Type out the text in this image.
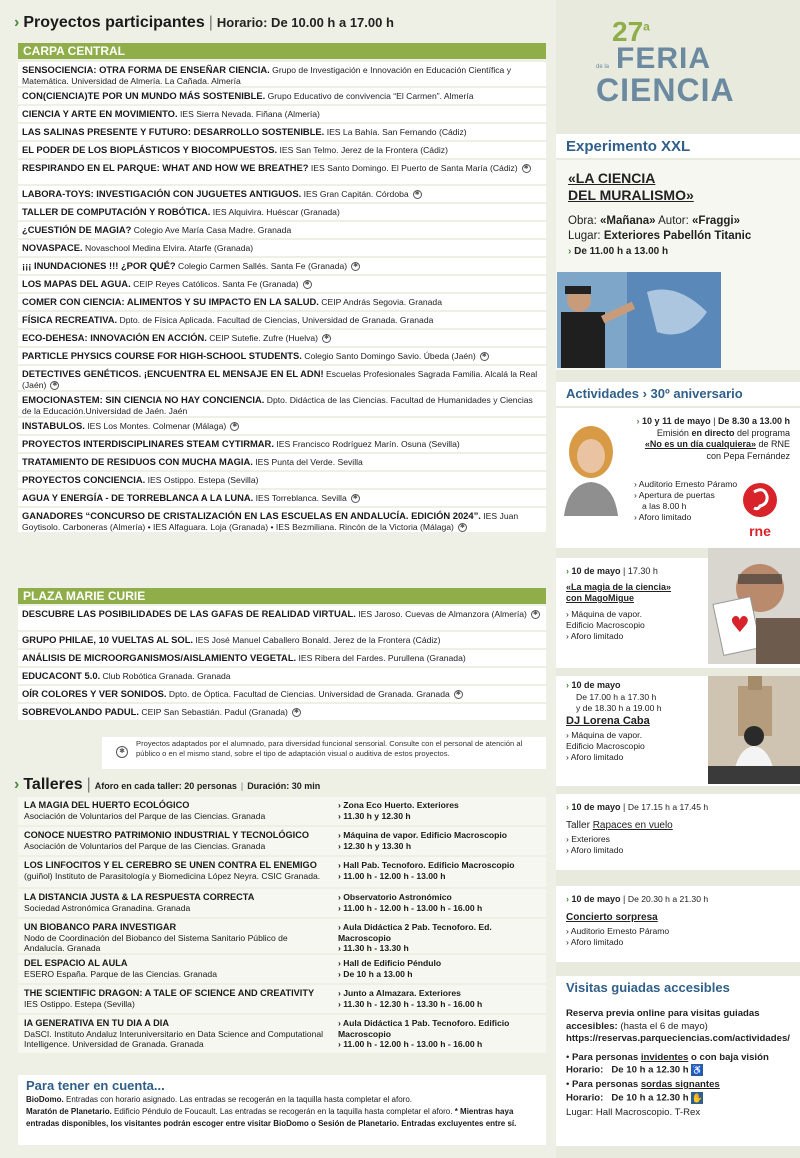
› Proyectos participantes | Horario: De 10.00 h a 17.00 h
CARPA CENTRAL
SENSOCIENCIA: OTRA FORMA DE ENSEÑAR CIENCIA. Grupo de Investigación e Innovación en Educación Científica y Matemática. Universidad de Almería. La Cañada. Almería
CON(CIENCIA)TE POR UN MUNDO MÁS SOSTENIBLE. Grupo Educativo de convivencia “El Carmen”. Almería
CIENCIA Y ARTE EN MOVIMIENTO. IES Sierra Nevada. Fiñana (Almería)
LAS SALINAS PRESENTE Y FUTURO: DESARROLLO SOSTENIBLE. IES La Bahía. San Fernando (Cádiz)
EL PODER DE LOS BIOPLÁSTICOS Y BIOCOMPUESTOS. IES San Telmo. Jerez de la Frontera (Cádiz)
RESPIRANDO EN EL PARQUE: WHAT AND HOW WE BREATHE? IES Santo Domingo. El Puerto de Santa María (Cádiz) ✱
LABORA-TOYS: INVESTIGACIÓN CON JUGUETES ANTIGUOS. IES Gran Capitán. Córdoba ✱
TALLER DE COMPUTACIÓN Y ROBÓTICA. IES Alquivira. Huéscar (Granada)
¿CUESTIÓN DE MAGIA? Colegio Ave María Casa Madre. Granada
NOVASPACE. Novaschool Medina Elvira. Atarfe (Granada)
¡¡¡ INUNDACIONES !!! ¿POR QUÉ? Colegio Carmen Sallés. Santa Fe (Granada) ✱
LOS MAPAS DEL AGUA. CEIP Reyes Católicos. Santa Fe (Granada) ✱
COMER CON CIENCIA: ALIMENTOS Y SU IMPACTO EN LA SALUD. CEIP András Segovia. Granada
FÍSICA RECREATIVA. Dpto. de Física Aplicada. Facultad de Ciencias, Universidad de Granada. Granada
ECO-DEHESA: INNOVACIÓN EN ACCIÓN. CEIP Sutefie. Zufre (Huelva) ✱
PARTICLE PHYSICS COURSE FOR HIGH-SCHOOL STUDENTS. Colegio Santo Domingo Savio. Úbeda (Jaén) ✱
DETECTIVES GENÉTICOS. ¡ENCUENTRA EL MENSAJE EN EL ADN! Escuelas Profesionales Sagrada Familia. Alcalá la Real (Jaén) ✱
EMOCIONASTEM: SIN CIENCIA NO HAY CONCIENCIA. Dpto. Didáctica de las Ciencias. Facultad de Humanidades y Ciencias de la Educación.Universidad de Jaén. Jaén
INSTABULOS. IES Los Montes. Colmenar (Málaga) ✱
PROYECTOS INTERDISCIPLINARES STEAM CYTIRMAR. IES Francisco Rodríguez Marín. Osuna (Sevilla)
TRATAMIENTO DE RESIDUOS CON MUCHA MAGIA. IES Punta del Verde. Sevilla
PROYECTOS CONCIENCIA. IES Ostippo. Estepa (Sevilla)
AGUA Y ENERGÍA - DE TORREBLANCA A LA LUNA. IES Torreblanca. Sevilla ✱
GANADORES “CONCURSO DE CRISTALIZACIÓN EN LAS ESCUELAS EN ANDALUCÍA. EDICIÓN 2024”. IES Juan Goytisolo. Carboneras (Almería) • IES Alfaguara. Loja (Granada) • IES Bezmiliana. Rincón de la Victoria (Málaga) ✱
PLAZA MARIE CURIE
DESCUBRE LAS POSIBILIDADES DE LAS GAFAS DE REALIDAD VIRTUAL. IES Jaroso. Cuevas de Almanzora (Almería) ✱
GRUPO PHILAE, 10 VUELTAS AL SOL. IES José Manuel Caballero Bonald. Jerez de la Frontera (Cádiz)
ANÁLISIS DE MICROORGANISMOS/AISLAMIENTO VEGETAL. IES Ribera del Fardes. Purullena (Granada)
EDUCACONT 5.0. Club Robótica Granada. Granada
OÍR COLORES Y VER SONIDOS. Dpto. de Óptica. Facultad de Ciencias. Universidad de Granada. Granada ✱
SOBREVOLANDO PADUL. CEIP San Sebastián. Padul (Granada) ✱
✱
Proyectos adaptados por el alumnado, para diversidad funcional sensorial. Consulte con el personal de atención al público o en el mismo stand, sobre el tipo de adaptación visual o auditiva de estos proyectos.
› Talleres | Aforo en cada taller: 20 personas | Duración: 30 min
LA MAGIA DEL HUERTO ECOLÓGICO
Asociación de Voluntarios del Parque de las Ciencias. Granada
› Zona Eco Huerto. Exteriores
› 11.30 h y 12.30 h
CONOCE NUESTRO PATRIMONIO INDUSTRIAL Y TECNOLÓGICO
Asociación de Voluntarios del Parque de las Ciencias. Granada
› Máquina de vapor. Edificio Macroscopio
› 12.30 h y 13.30 h
LOS LINFOCITOS Y EL CEREBRO SE UNEN CONTRA EL ENEMIGO
(guiñol) Instituto de Parasitología y Biomedicina López Neyra. CSIC Granada.
› Hall Pab. Tecnoforo. Edificio Macroscopio
› 11.00 h - 12.00 h - 13.00 h
LA DISTANCIA JUSTA & LA RESPUESTA CORRECTA
Sociedad Astronómica Granadina. Granada
› Observatorio Astronómico
› 11.00 h - 12.00 h - 13.00 h - 16.00 h
UN BIOBANCO PARA INVESTIGAR
Nodo de Coordinación del Biobanco del Sistema Sanitario Público de Andalucía. Granada
› Aula Didáctica 2 Pab. Tecnoforo. Ed. Macroscopio
› 11.30 h - 13.30 h
DEL ESPACIO AL AULA
ESERO España. Parque de las Ciencias. Granada
› Hall de Edificio Péndulo
› De 10 h a 13.00 h
THE SCIENTIFIC DRAGON: A TALE OF SCIENCE AND CREATIVITY
IES Ostippo. Estepa (Sevilla)
› Junto a Almazara. Exteriores
› 11.30 h - 12.30 h - 13.30 h - 16.00 h
IA GENERATIVA EN TU DIA A DIA
DaSCI. Instituto Andaluz Interuniversitario en Data Science and Computational Intelligence. Universidad de Granada. Granada
› Aula Didáctica 1 Pab. Tecnoforo. Edificio Macroscopio
› 11.00 h - 12.00 h - 13.00 h - 16.00 h
Para tener en cuenta...
BioDomo. Entradas con horario asignado. Las entradas se recogerán en la taquilla hasta completar el aforo.
Maratón de Planetario. Edificio Péndulo de Foucault. Las entradas se recogerán en la taquilla hasta completar el aforo. * Mientras haya entradas disponibles, los visitantes podrán escoger entre visitar BioDomo o Sesión de Planetario. Entradas excluyentes entre sí.
27$^a$
FERIA
de la
CIENCIA
Experimento XXL
«LA CIENCIA
DEL MURALISMO»
Obra: «Mañana» Autor: «Fraggi»
Lugar: Exteriores Pabellón Titanic
› De 11.00 h a 13.00 h
Actividades › 30º aniversario
› 10 y 11 de mayo | De 8.30 a 13.00 h
Emisión en directo del programa
«No es un día cualquiera» de RNE
con Pepa Fernández
› Auditorio Ernesto Páramo
› Apertura de puertas
a las 8.00 h
› Aforo limitado
rne
› 10 de mayo | 17.30 h
«La magia de la ciencia»
con MagoMigue
› Máquina de vapor.
Edificio Macroscopio
› Aforo limitado	♥
› 10 de mayo
De 17.00 h a 17.30 h
y de 18.30 h a 19.00 h
DJ Lorena Caba
› Máquina de vapor.
Edificio Macroscopio
› Aforo limitado
› 10 de mayo | De 17.15 h a 17.45 h
Taller Rapaces en vuelo
› Exteriores
› Aforo limitado
› 10 de mayo | De 20.30 h a 21.30 h
Concierto sorpresa
› Auditorio Ernesto Páramo
› Aforo limitado
Visitas guiadas accesibles
Reserva previa online para visitas guiadas accesibles: (hasta el 6 de mayo)
https://reservas.parqueciencias.com/actividades/
• Para personas invidentes o con baja visión
Horario: De 10 h a 12.30 h ♿
• Para personas sordas signantes
Horario: De 10 h a 12.30 h ✋
Lugar: Hall Macroscopio. T-Rex
